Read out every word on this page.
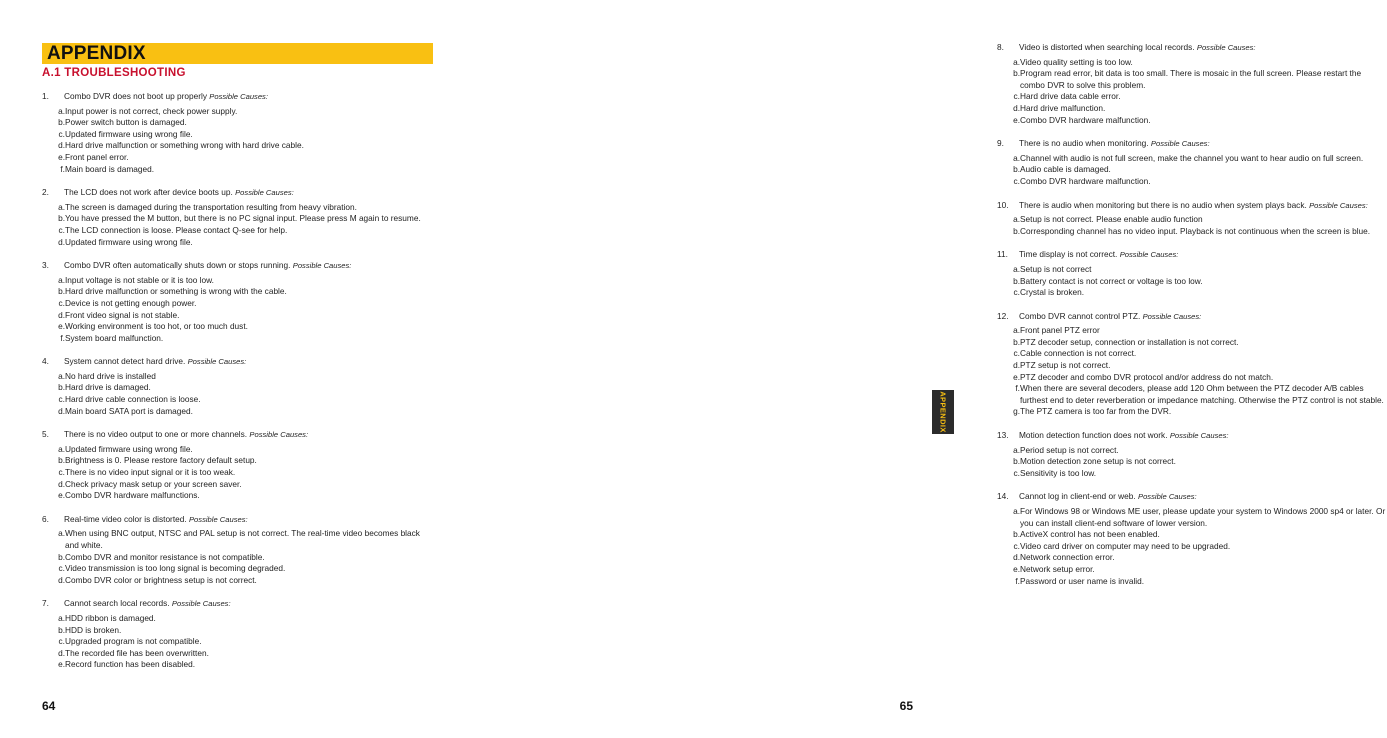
APPENDIX
A.1 TROUBLESHOOTING
1.	Combo DVR does not boot up properly Possible Causes:
a. Input power is not correct, check power supply.
b. Power switch button is damaged.
c. Updated firmware using wrong file.
d. Hard drive malfunction or something wrong with hard drive cable.
e. Front panel error.
f. Main board is damaged.
2.	The LCD does not work after device boots up. Possible Causes:
a. The screen is damaged during the transportation resulting from heavy vibration.
b. You have pressed the M button, but there is no PC signal input. Please press M again to resume.
c. The LCD connection is loose. Please contact Q-see for help.
d. Updated firmware using wrong file.
3.	Combo DVR often automatically shuts down or stops running. Possible Causes:
a. Input voltage is not stable or it is too low.
b. Hard drive malfunction or something is wrong with the cable.
c. Device is not getting enough power.
d. Front video signal is not stable.
e. Working environment is too hot, or too much dust.
f. System board malfunction.
4.	System cannot detect hard drive. Possible Causes:
a. No hard drive is installed
b. Hard drive is damaged.
c. Hard drive cable connection is loose.
d. Main board SATA port is damaged.
5.	There is no video output to one or more channels. Possible Causes:
a. Updated firmware using wrong file.
b. Brightness is 0. Please restore factory default setup.
c. There is no video input signal or it is too weak.
d. Check privacy mask setup or your screen saver.
e. Combo DVR hardware malfunctions.
6.	Real-time video color is distorted. Possible Causes:
a. When using BNC output, NTSC and PAL setup is not correct. The real-time video becomes black and white.
b. Combo DVR and monitor resistance is not compatible.
c. Video transmission is too long signal is becoming degraded.
d. Combo DVR color or brightness setup is not correct.
7.	Cannot search local records. Possible Causes:
a. HDD ribbon is damaged.
b. HDD is broken.
c. Upgraded program is not compatible.
d. The recorded file has been overwritten.
e. Record function has been disabled.
64
8.	Video is distorted when searching local records. Possible Causes:
a. Video quality setting is too low.
b. Program read error, bit data is too small. There is mosaic in the full screen. Please restart the combo DVR to solve this problem.
c. Hard drive data cable error.
d. Hard drive malfunction.
e. Combo DVR hardware malfunction.
9.	There is no audio when monitoring. Possible Causes:
a. Channel with audio is not full screen, make the channel you want to hear audio on full screen.
b. Audio cable is damaged.
c. Combo DVR hardware malfunction.
10.	There is audio when monitoring but there is no audio when system plays back. Possible Causes:
a. Setup is not correct. Please enable audio function
b. Corresponding channel has no video input. Playback is not continuous when the screen is blue.
11.	Time display is not correct. Possible Causes:
a. Setup is not correct
b. Battery contact is not correct or voltage is too low.
c. Crystal is broken.
12.	Combo DVR cannot control PTZ. Possible Causes:
a. Front panel PTZ error
b. PTZ decoder setup, connection or installation is not correct.
c. Cable connection is not correct.
d. PTZ setup is not correct.
e. PTZ decoder and combo DVR protocol and/or address do not match.
f. When there are several decoders, please add 120 Ohm between the PTZ decoder A/B cables furthest end to deter reverberation or impedance matching. Otherwise the PTZ control is not stable.
g. The PTZ camera is too far from the DVR.
13.	Motion detection function does not work. Possible Causes:
a. Period setup is not correct.
b. Motion detection zone setup is not correct.
c. Sensitivity is too low.
14.	Cannot log in client-end or web. Possible Causes:
a. For Windows 98 or Windows ME user, please update your system to Windows 2000 sp4 or later. Or you can install client-end software of lower version.
b. ActiveX control has not been enabled.
c. Video card driver on computer may need to be upgraded.
d. Network connection error.
e. Network setup error.
f. Password or user name is invalid.
APPENDIX
65
